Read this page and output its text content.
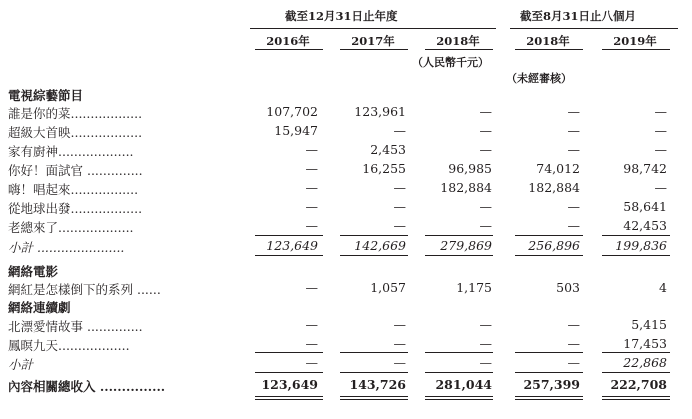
截至12月31日止年度	截至8月31日止八個月
2016年	2017年	2018年	2018年	2019年
（人民幣千元）
（未經審核）
電視綜藝節目
誰是你的菜..................	107,702	123,961	—	—	—
超級大首映..................	15,947	—	—	—	—
家有廚神...................	—	2,453	—	—	—
你好！面試官 ..............	—	16,255	96,985	74,012	98,742
嗨！唱起來.................	—	—	182,884	182,884	—
從地球出發..................	—	—	—	—	58,641
老總來了...................	—	—	—	—	42,453
小計 ......................	123,649	142,669	279,869	256,896	199,836
網絡電影
網紅是怎樣倒下的系列 ......	—	1,057	1,175	503	4
網絡連續劇
北漂愛情故事 ..............	—	—	—	—	5,415
鳳暝九天..................	—	—	—	—	17,453
小計	—	—	—	—	22,868
內容相關總收入 ...............	123,649	143,726	281,044	257,399	222,708
